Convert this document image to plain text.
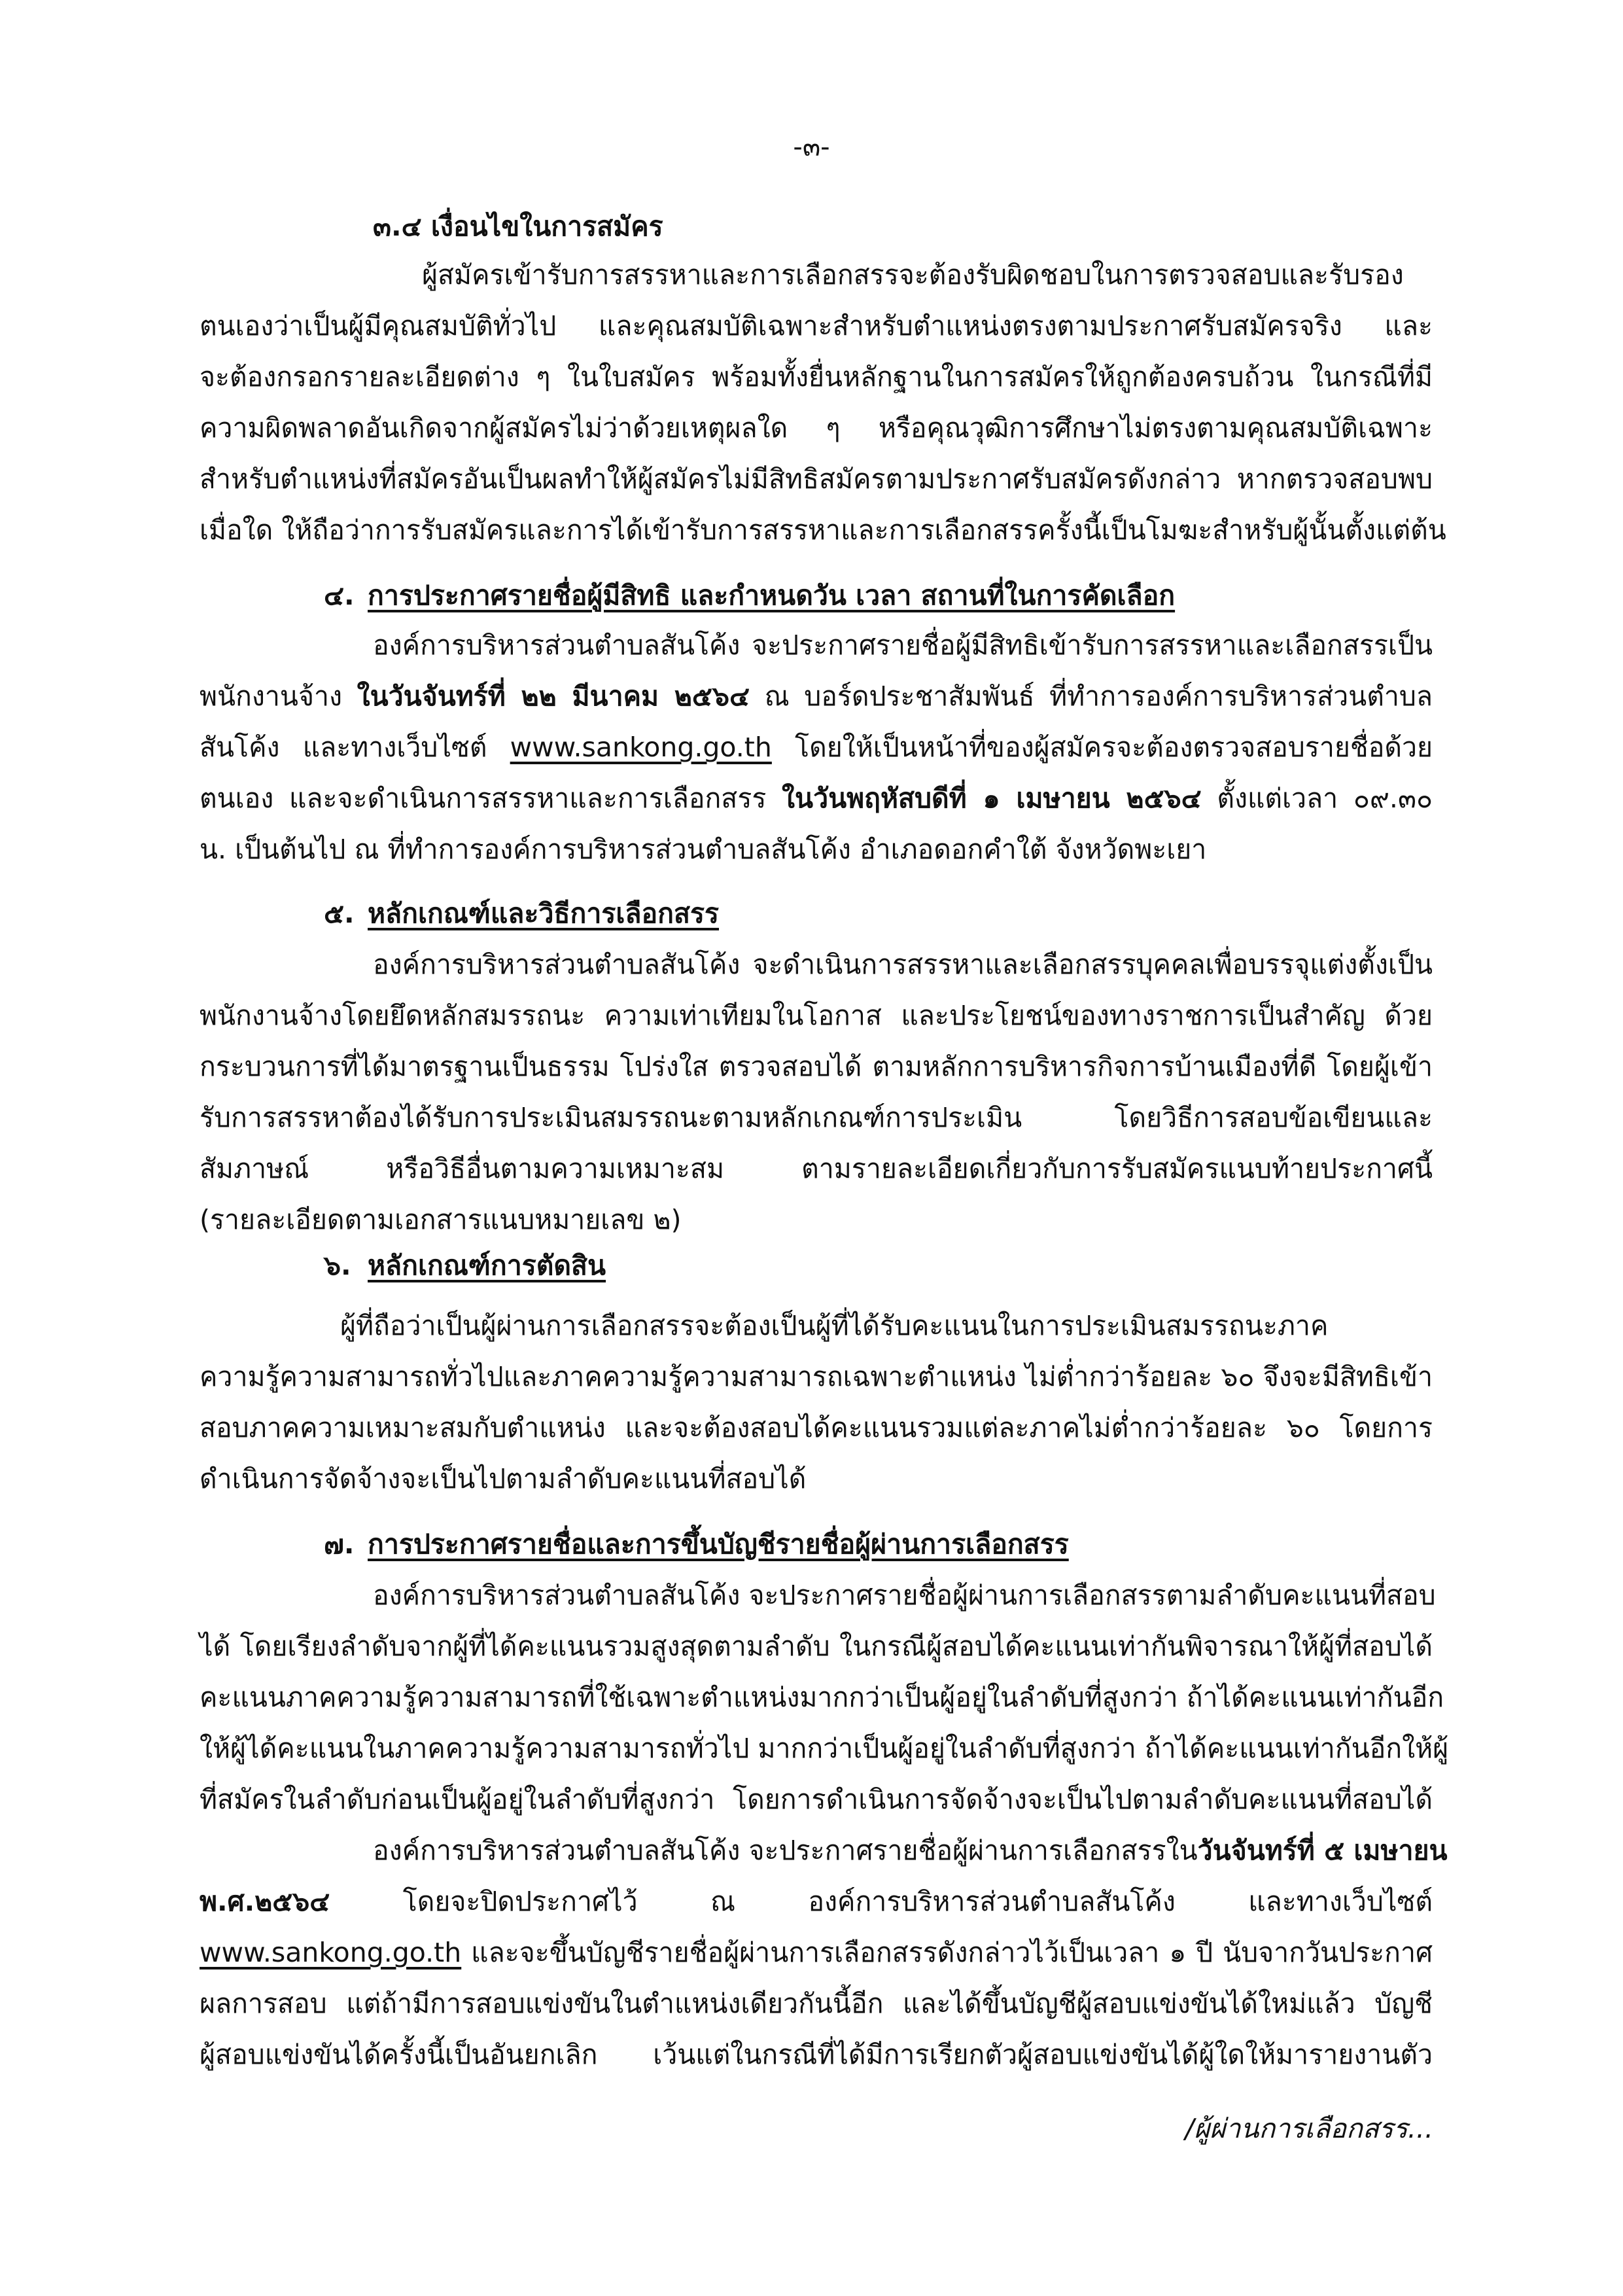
-๓-
๓.๔ เงื่อนไขในการสมัคร
ผู้สมัครเข้ารับการสรรหาและการเลือกสรรจะต้องรับผิดชอบในการตรวจสอบและรับรอง
ตนเองว่าเป็นผู้มีคุณสมบัติทั่วไป และคุณสมบัติเฉพาะสำหรับตำแหน่งตรงตามประกาศรับสมัครจริง และ
จะต้องกรอกรายละเอียดต่าง ๆ ในใบสมัคร พร้อมทั้งยื่นหลักฐานในการสมัครให้ถูกต้องครบถ้วน ในกรณีที่มี
ความผิดพลาดอันเกิดจากผู้สมัครไม่ว่าด้วยเหตุผลใด ๆ หรือคุณวุฒิการศึกษาไม่ตรงตามคุณสมบัติเฉพาะ
สำหรับตำแหน่งที่สมัครอันเป็นผลทำให้ผู้สมัครไม่มีสิทธิสมัครตามประกาศรับสมัครดังกล่าว หากตรวจสอบพบ
เมื่อใด ให้ถือว่าการรับสมัครและการได้เข้ารับการสรรหาและการเลือกสรรครั้งนี้เป็นโมฆะสำหรับผู้นั้นตั้งแต่ต้น
๔. การประกาศรายชื่อผู้มีสิทธิ และกำหนดวัน เวลา สถานที่ในการคัดเลือก
องค์การบริหารส่วนตำบลสันโค้ง จะประกาศรายชื่อผู้มีสิทธิเข้ารับการสรรหาและเลือกสรรเป็น
พนักงานจ้าง ในวันจันทร์ที่ ๒๒ มีนาคม ๒๕๖๔ ณ บอร์ดประชาสัมพันธ์ ที่ทำการองค์การบริหารส่วนตำบล
สันโค้ง และทางเว็บไซต์ www.sankong.go.th โดยให้เป็นหน้าที่ของผู้สมัครจะต้องตรวจสอบรายชื่อด้วย
ตนเอง และจะดำเนินการสรรหาและการเลือกสรร ในวันพฤหัสบดีที่ ๑ เมษายน ๒๕๖๔ ตั้งแต่เวลา ๐๙.๓๐
น. เป็นต้นไป ณ ที่ทำการองค์การบริหารส่วนตำบลสันโค้ง อำเภอดอกคำใต้ จังหวัดพะเยา
๕. หลักเกณฑ์และวิธีการเลือกสรร
องค์การบริหารส่วนตำบลสันโค้ง จะดำเนินการสรรหาและเลือกสรรบุคคลเพื่อบรรจุแต่งตั้งเป็น
พนักงานจ้างโดยยึดหลักสมรรถนะ ความเท่าเทียมในโอกาส และประโยชน์ของทางราชการเป็นสำคัญ ด้วย
กระบวนการที่ได้มาตรฐานเป็นธรรม โปร่งใส ตรวจสอบได้ ตามหลักการบริหารกิจการบ้านเมืองที่ดี โดยผู้เข้า
รับการสรรหาต้องได้รับการประเมินสมรรถนะตามหลักเกณฑ์การประเมิน โดยวิธีการสอบข้อเขียนและ
สัมภาษณ์ หรือวิธีอื่นตามความเหมาะสม ตามรายละเอียดเกี่ยวกับการรับสมัครแนบท้ายประกาศนี้
(รายละเอียดตามเอกสารแนบหมายเลข ๒)
๖. หลักเกณฑ์การตัดสิน
ผู้ที่ถือว่าเป็นผู้ผ่านการเลือกสรรจะต้องเป็นผู้ที่ได้รับคะแนนในการประเมินสมรรถนะภาค
ความรู้ความสามารถทั่วไปและภาคความรู้ความสามารถเฉพาะตำแหน่ง ไม่ต่ำกว่าร้อยละ ๖๐ จึงจะมีสิทธิเข้า
สอบภาคความเหมาะสมกับตำแหน่ง และจะต้องสอบได้คะแนนรวมแต่ละภาคไม่ต่ำกว่าร้อยละ ๖๐ โดยการ
ดำเนินการจัดจ้างจะเป็นไปตามลำดับคะแนนที่สอบได้
๗. การประกาศรายชื่อและการขึ้นบัญชีรายชื่อผู้ผ่านการเลือกสรร
องค์การบริหารส่วนตำบลสันโค้ง จะประกาศรายชื่อผู้ผ่านการเลือกสรรตามลำดับคะแนนที่สอบ
ได้ โดยเรียงลำดับจากผู้ที่ได้คะแนนรวมสูงสุดตามลำดับ ในกรณีผู้สอบได้คะแนนเท่ากันพิจารณาให้ผู้ที่สอบได้
คะแนนภาคความรู้ความสามารถที่ใช้เฉพาะตำแหน่งมากกว่าเป็นผู้อยู่ในลำดับที่สูงกว่า ถ้าได้คะแนนเท่ากันอีก
ให้ผู้ได้คะแนนในภาคความรู้ความสามารถทั่วไป มากกว่าเป็นผู้อยู่ในลำดับที่สูงกว่า ถ้าได้คะแนนเท่ากันอีกให้ผู้
ที่สมัครในลำดับก่อนเป็นผู้อยู่ในลำดับที่สูงกว่า โดยการดำเนินการจัดจ้างจะเป็นไปตามลำดับคะแนนที่สอบได้
องค์การบริหารส่วนตำบลสันโค้ง จะประกาศรายชื่อผู้ผ่านการเลือกสรรในวันจันทร์ที่ ๕ เมษายน
พ.ศ.๒๕๖๔ โดยจะปิดประกาศไว้ ณ องค์การบริหารส่วนตำบลสันโค้ง และทางเว็บไซต์
www.sankong.go.th และจะขึ้นบัญชีรายชื่อผู้ผ่านการเลือกสรรดังกล่าวไว้เป็นเวลา ๑ ปี นับจากวันประกาศ
ผลการสอบ แต่ถ้ามีการสอบแข่งขันในตำแหน่งเดียวกันนี้อีก และได้ขึ้นบัญชีผู้สอบแข่งขันได้ใหม่แล้ว บัญชี
ผู้สอบแข่งขันได้ครั้งนี้เป็นอันยกเลิก เว้นแต่ในกรณีที่ได้มีการเรียกตัวผู้สอบแข่งขันได้ผู้ใดให้มารายงานตัว
/ผู้ผ่านการเลือกสรร...
